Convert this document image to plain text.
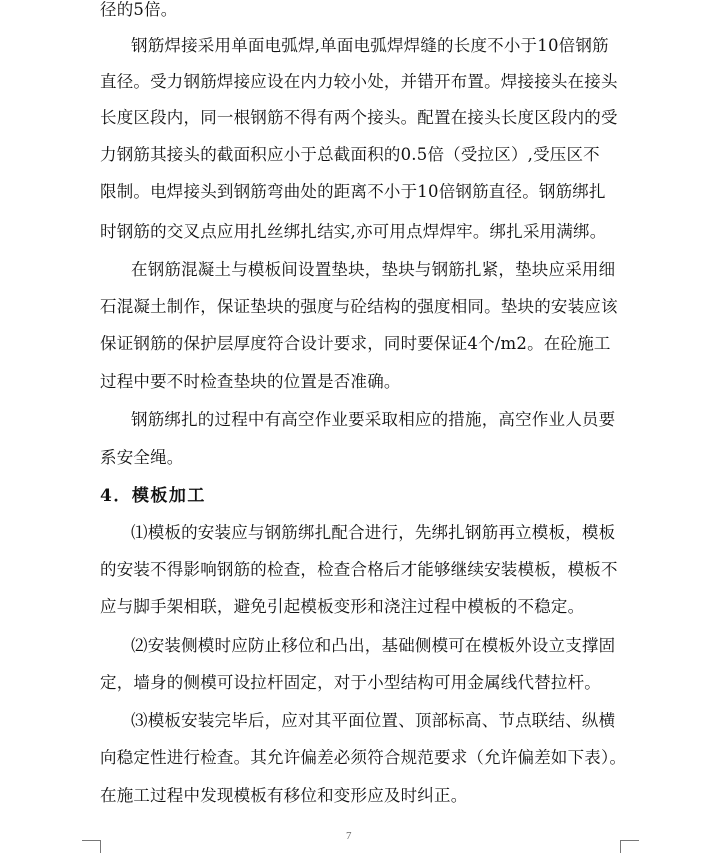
径的5倍。
钢筋焊接采用单面电弧焊,单面电弧焊焊缝的长度不小于10倍钢筋
直径。受力钢筋焊接应设在内力较小处，并错开布置。焊接接头在接头
长度区段内，同一根钢筋不得有两个接头。配置在接头长度区段内的受
力钢筋其接头的截面积应小于总截面积的0.5倍（受拉区）,受压区不
限制。电焊接头到钢筋弯曲处的距离不小于10倍钢筋直径。钢筋绑扎
时钢筋的交叉点应用扎丝绑扎结实,亦可用点焊焊牢。绑扎采用满绑。
在钢筋混凝土与模板间设置垫块，垫块与钢筋扎紧，垫块应采用细
石混凝土制作，保证垫块的强度与砼结构的强度相同。垫块的安装应该
保证钢筋的保护层厚度符合设计要求，同时要保证4个/m2。在砼施工
过程中要不时检查垫块的位置是否准确。
钢筋绑扎的过程中有高空作业要采取相应的措施，高空作业人员要
系安全绳。
4．模板加工
⑴模板的安装应与钢筋绑扎配合进行，先绑扎钢筋再立模板，模板
的安装不得影响钢筋的检查，检查合格后才能够继续安装模板，模板不
应与脚手架相联，避免引起模板变形和浇注过程中模板的不稳定。
⑵安装侧模时应防止移位和凸出，基础侧模可在模板外设立支撑固
定，墙身的侧模可设拉杆固定，对于小型结构可用金属线代替拉杆。
⑶模板安装完毕后，应对其平面位置、顶部标高、节点联结、纵横
向稳定性进行检查。其允许偏差必须符合规范要求（允许偏差如下表）。
在施工过程中发现模板有移位和变形应及时纠正。
7
